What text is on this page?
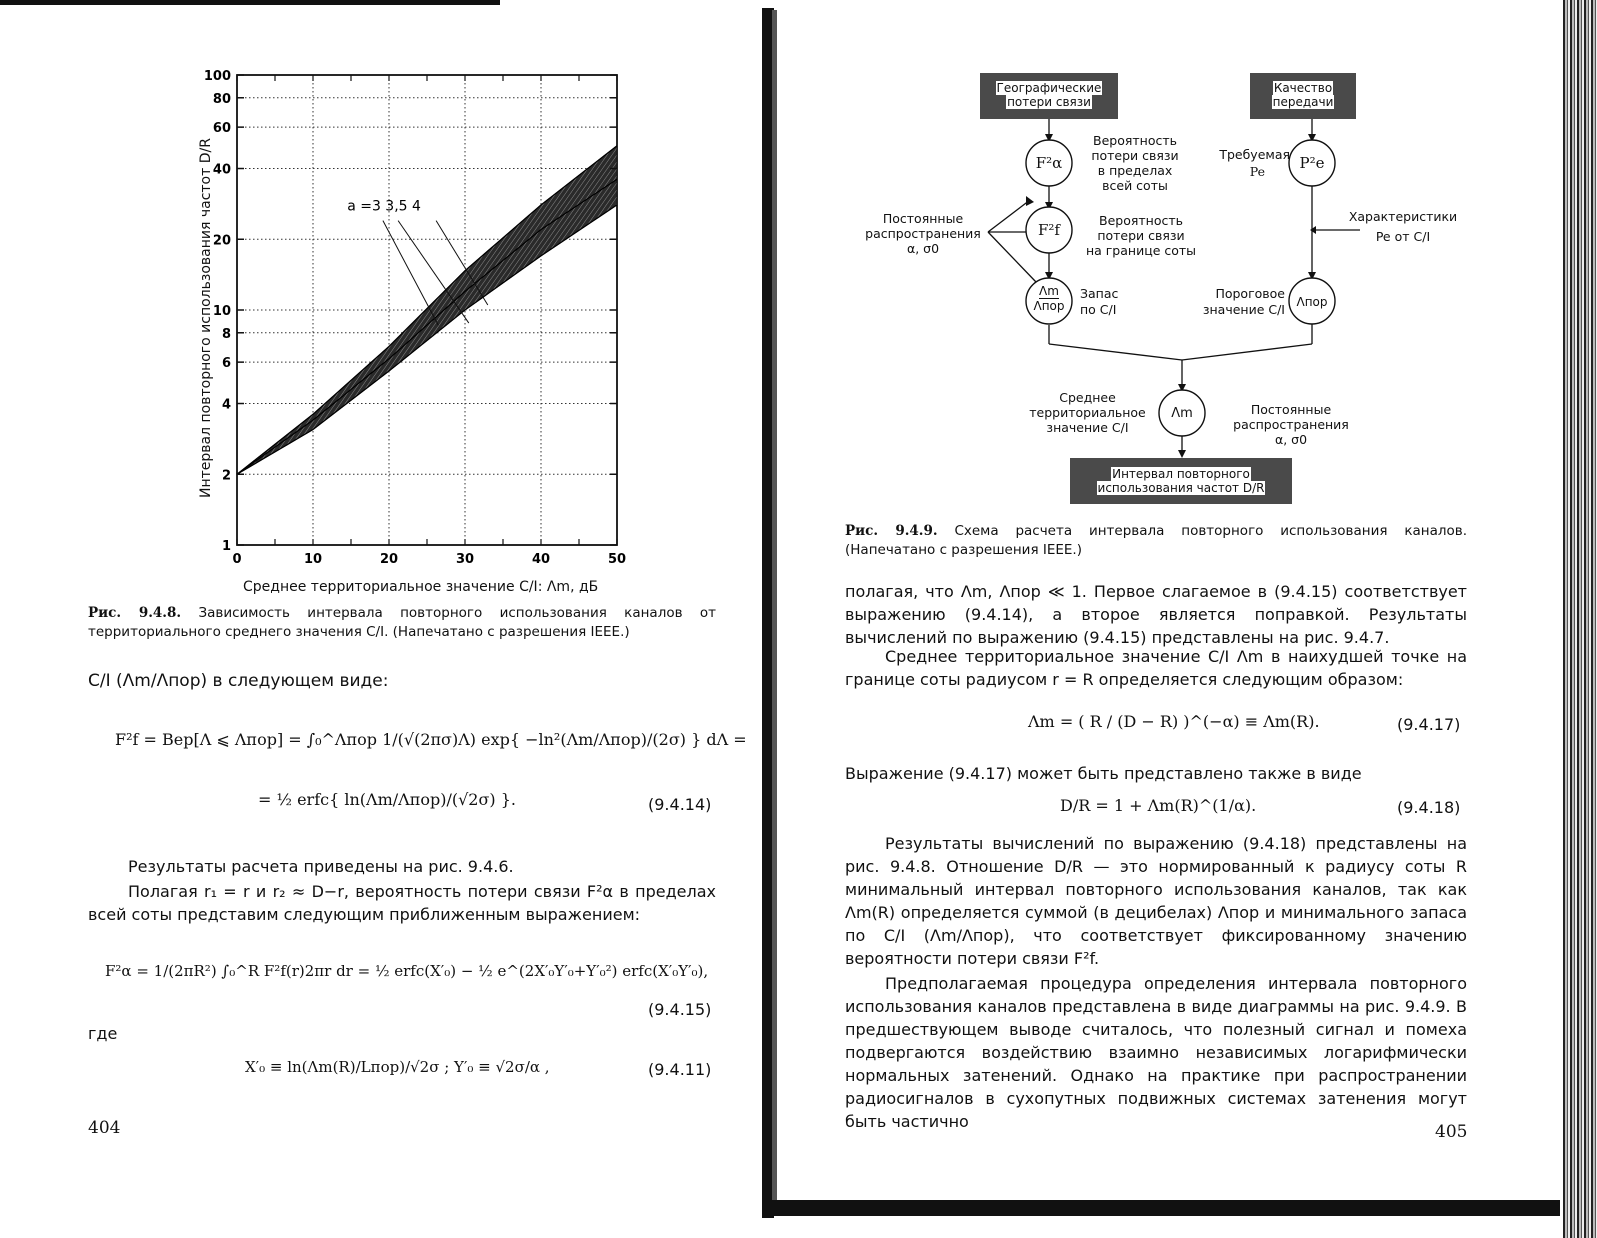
1
2
4
6
8
10
20
40
60
80
100
0	10	20	30	40	50
a =3 3,5 4
Среднее территориальное значение C/I: Λm, дБ
Интервал повторного использования частот D/R
Рис. 9.4.8. Зависимость интервала повторного использования каналов от территориального среднего значения C/I. (Напечатано с разрешения IEEE.)
C/I (Λm/Λпор) в следующем виде:
F²f = Вер[Λ ⩽ Λпор] = ∫₀^Λпор 1/(√(2πσ)Λ) exp{ −ln²(Λm/Λпор)/(2σ) } dΛ =
= ½ erfc{ ln(Λm/Λпор)/(√2σ) }.	(9.4.14)
Результаты расчета приведены на рис. 9.4.6.
Полагая r₁ = r и r₂ ≈ D−r, вероятность потери связи F²α в пределах всей соты представим следующим приближенным выражением:
F²α = 1/(2πR²) ∫₀^R F²f(r)2πr dr = ½ erfc(X′₀) − ½ e^(2X′₀Y′₀+Y′₀²) erfc(X′₀Y′₀),
(9.4.15)
где
X′₀ ≡ ln(Λm(R)/Lпор)/√2σ ; Y′₀ ≡ √2σ/α ,	(9.4.11)
404
Географические
потери связи
Качество
передачи
Интервал повторного
использования частот D/R
F²α
F²f
P²e
Λm
Λпор	Λпор
Λm
Вероятность
потери связи
в пределах
всей соты
Требуемая
Pe
Постоянные
распространения
α, σ0
Вероятность
потери связи
на границе соты
Характеристики
Pe от C/I
Запас
по C/I
Пороговое
значение C/I
Среднее
территориальное
значение C/I
Постоянные
распространения
α, σ0
Рис. 9.4.9. Схема расчета интервала повторного использования каналов. (Напечатано с разрешения IEEE.)
полагая, что Λm, Λпор ≪ 1. Первое слагаемое в (9.4.15) соответствует выражению (9.4.14), а второе является поправкой. Результаты вычислений по выражению (9.4.15) представлены на рис. 9.4.7.
Среднее территориальное значение C/I Λm в наихудшей точке на границе соты радиусом r = R определяется следующим образом:
Λm = ( R / (D − R) )^(−α) ≡ Λm(R).	(9.4.17)
Выражение (9.4.17) может быть представлено также в виде
D/R = 1 + Λm(R)^(1/α).	(9.4.18)
Результаты вычислений по выражению (9.4.18) представлены на рис. 9.4.8. Отношение D/R — это нормированный к радиусу соты R минимальный интервал повторного использования каналов, так как Λm(R) определяется суммой (в децибелах) Λпор и минимального запаса по C/I (Λm/Λпор), что соответствует фиксированному значению вероятности потери связи F²f.
Предполагаемая процедура определения интервала повторного использования каналов представлена в виде диаграммы на рис. 9.4.9. В предшествующем выводе считалось, что полезный сигнал и помеха подвергаются воздействию взаимно независимых логарифмически нормальных затенений. Однако на практике при распространении радиосигналов в сухопутных подвижных системах затенения могут быть частично
405
